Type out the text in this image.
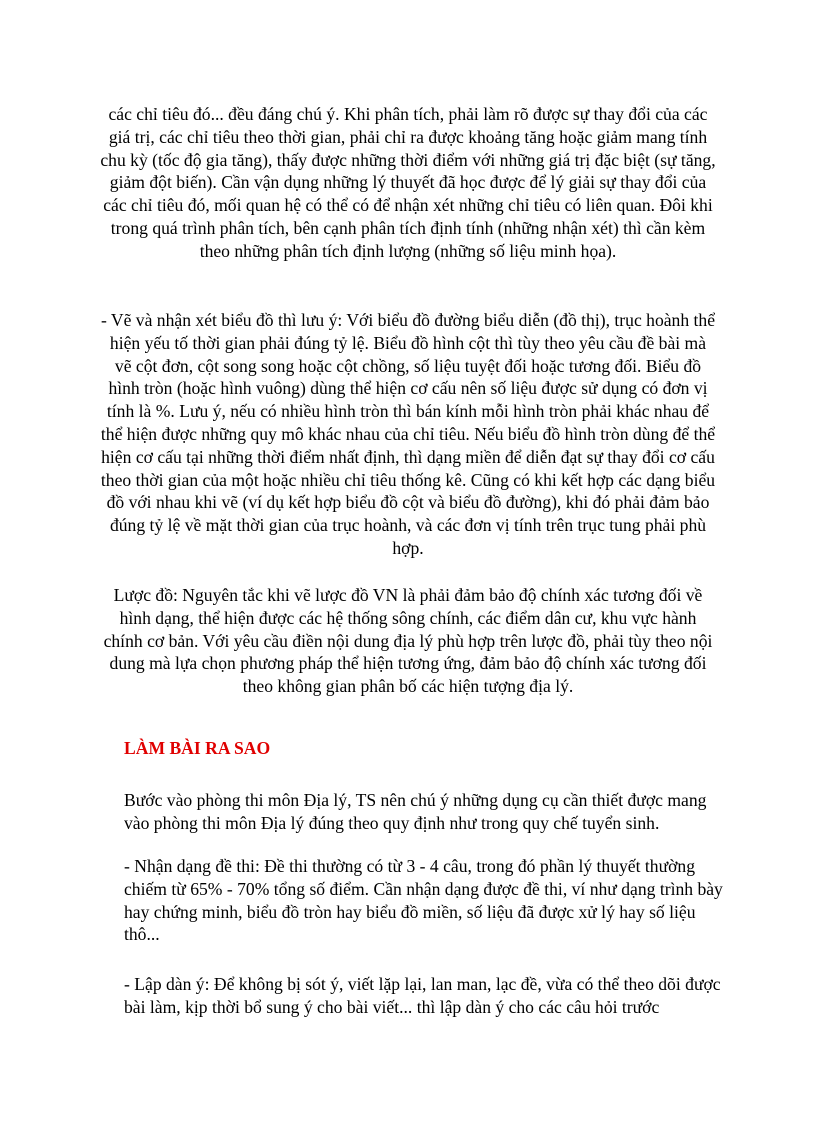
các chỉ tiêu đó... đều đáng chú ý. Khi phân tích, phải làm rõ được sự thay đổi của các giá trị, các chỉ tiêu theo thời gian, phải chỉ ra được khoảng tăng hoặc giảm mang tính chu kỳ (tốc độ gia tăng), thấy được những thời điểm với những giá trị đặc biệt (sự tăng, giảm đột biến). Cần vận dụng những lý thuyết đã học được để lý giải sự thay đổi của các chỉ tiêu đó, mối quan hệ có thể có để nhận xét những chỉ tiêu có liên quan. Đôi khi trong quá trình phân tích, bên cạnh phân tích định tính (những nhận xét) thì cần kèm theo những phân tích định lượng (những số liệu minh họa).

- Vẽ và nhận xét biểu đồ thì lưu ý: Với biểu đồ đường biểu diễn (đồ thị), trục hoành thể hiện yếu tố thời gian phải đúng tỷ lệ. Biểu đồ hình cột thì tùy theo yêu cầu đề bài mà vẽ cột đơn, cột song song hoặc cột chồng, số liệu tuyệt đối hoặc tương đối. Biểu đồ hình tròn (hoặc hình vuông) dùng thể hiện cơ cấu nên số liệu được sử dụng có đơn vị tính là %. Lưu ý, nếu có nhiều hình tròn thì bán kính mỗi hình tròn phải khác nhau để thể hiện được những quy mô khác nhau của chỉ tiêu. Nếu biểu đồ hình tròn dùng để thể hiện cơ cấu tại những thời điểm nhất định, thì dạng miền để diễn đạt sự thay đổi cơ cấu theo thời gian của một hoặc nhiều chỉ tiêu thống kê. Cũng có khi kết hợp các dạng biểu đồ với nhau khi vẽ (ví dụ kết hợp biểu đồ cột và biểu đồ đường), khi đó phải đảm bảo đúng tỷ lệ về mặt thời gian của trục hoành, và các đơn vị tính trên trục tung phải phù hợp.

Lược đồ: Nguyên tắc khi vẽ lược đồ VN là phải đảm bảo độ chính xác tương đối về hình dạng, thể hiện được các hệ thống sông chính, các điểm dân cư, khu vực hành chính cơ bản. Với yêu cầu điền nội dung địa lý phù hợp trên lược đồ, phải tùy theo nội dung mà lựa chọn phương pháp thể hiện tương ứng, đảm bảo độ chính xác tương đối theo không gian phân bố các hiện tượng địa lý.

LÀM BÀI RA SAO

Bước vào phòng thi môn Địa lý, TS nên chú ý những dụng cụ cần thiết được mang vào phòng thi môn Địa lý đúng theo quy định như trong quy chế tuyển sinh.

- Nhận dạng đề thi: Đề thi thường có từ 3 - 4 câu, trong đó phần lý thuyết thường chiếm từ 65% - 70% tổng số điểm. Cần nhận dạng được đề thi, ví như dạng trình bày hay chứng minh, biểu đồ tròn hay biểu đồ miền, số liệu đã được xử lý hay số liệu thô...

- Lập dàn ý: Để không bị sót ý, viết lặp lại, lan man, lạc đề, vừa có thể theo dõi được bài làm, kịp thời bổ sung ý cho bài viết... thì lập dàn ý cho các câu hỏi trước
